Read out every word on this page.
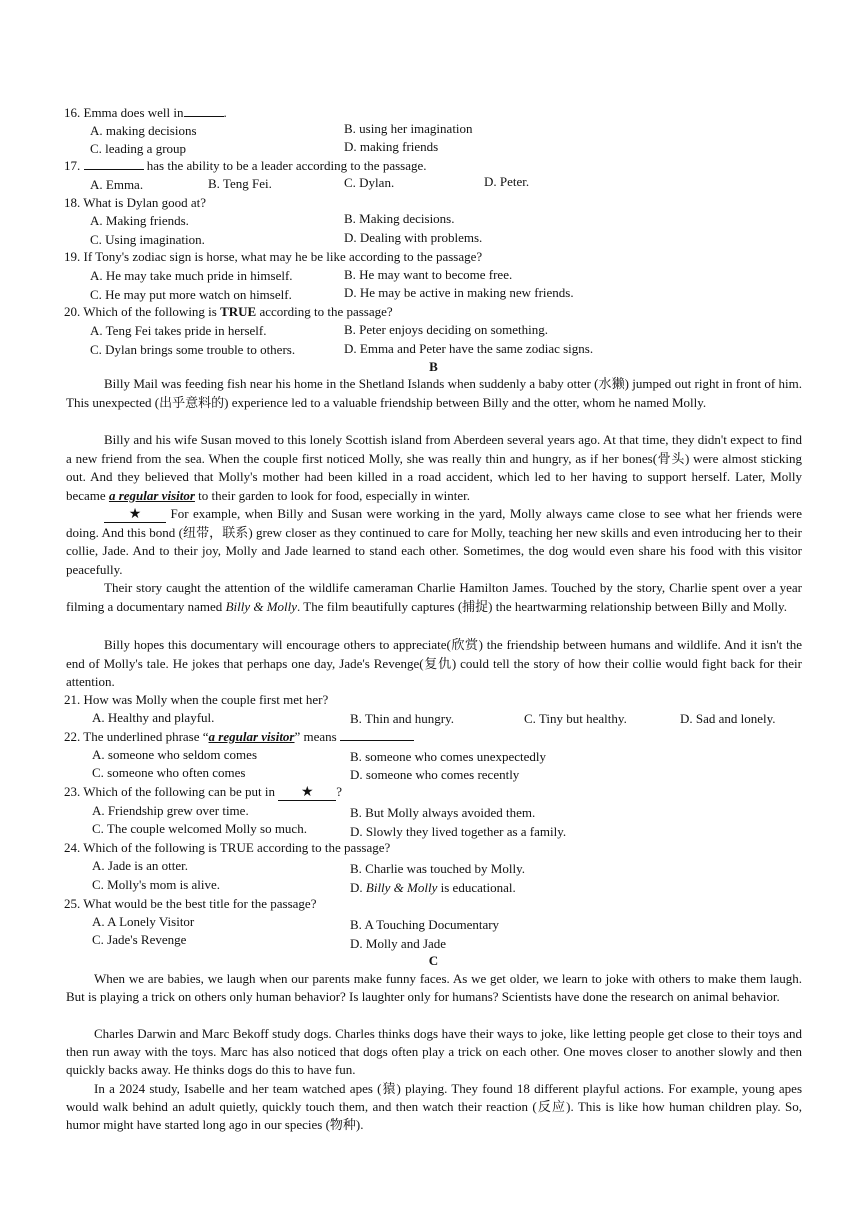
16. Emma does well in	.
A. making decisions	B. using her imagination
C. leading a group	D. making friends
17.	has the ability to be a leader according to the passage.
A. Emma.	B. Teng Fei.	C. Dylan.	D. Peter.
18. What is Dylan good at?
A. Making friends.	B. Making decisions.
C. Using imagination.	D. Dealing with problems.
19. If Tony's zodiac sign is horse, what may he be like according to the passage?
A. He may take much pride in himself.	B. He may want to become free.
C. He may put more watch on himself.	D. He may be active in making new friends.
20. Which of the following is TRUE according to the passage?
A. Teng Fei takes pride in herself.	B. Peter enjoys deciding on something.
C. Dylan brings some trouble to others.	D. Emma and Peter have the same zodiac signs.
B
Billy Mail was feeding fish near his home in the Shetland Islands when suddenly a baby otter (水獭) jumped out right in front of him. This unexpected (出乎意料的) experience led to a valuable friendship between Billy and the otter, whom he named Molly.
Billy and his wife Susan moved to this lonely Scottish island from Aberdeen several years ago. At that time, they didn't expect to find a new friend from the sea. When the couple first noticed Molly, she was really thin and hungry, as if her bones(骨头) were almost sticking out. And they believed that Molly's mother had been killed in a road accident, which led to her having to support herself. Later, Molly became a regular visitor to their garden to look for food, especially in winter.
★ For example, when Billy and Susan were working in the yard, Molly always came close to see what her friends were doing. And this bond (纽带，联系) grew closer as they continued to care for Molly, teaching her new skills and even introducing her to their collie, Jade. And to their joy, Molly and Jade learned to stand each other. Sometimes, the dog would even share his food with this visitor peacefully.
Their story caught the attention of the wildlife cameraman Charlie Hamilton James. Touched by the story, Charlie spent over a year filming a documentary named Billy & Molly. The film beautifully captures (捕捉) the heartwarming relationship between Billy and Molly.
Billy hopes this documentary will encourage others to appreciate(欣赏) the friendship between humans and wildlife. And it isn't the end of Molly's tale. He jokes that perhaps one day, Jade's Revenge(复仇) could tell the story of how their collie would fight back for their attention.
21. How was Molly when the couple first met her?
A. Healthy and playful.	B. Thin and hungry.	C. Tiny but healthy.	D. Sad and lonely.
22. The underlined phrase “a regular visitor” means
A. someone who seldom comes	B. someone who comes unexpectedly
C. someone who often comes	D. someone who comes recently
23. Which of the following can be put in ★ ?
A. Friendship grew over time.	B. But Molly always avoided them.
C. The couple welcomed Molly so much.	D. Slowly they lived together as a family.
24. Which of the following is TRUE according to the passage?
A. Jade is an otter.	B. Charlie was touched by Molly.
C. Molly's mom is alive.	D. Billy & Molly is educational.
25. What would be the best title for the passage?
A. A Lonely Visitor	B. A Touching Documentary
C. Jade's Revenge	D. Molly and Jade
C
When we are babies, we laugh when our parents make funny faces. As we get older, we learn to joke with others to make them laugh. But is playing a trick on others only human behavior? Is laughter only for humans? Scientists have done the research on animal behavior.
Charles Darwin and Marc Bekoff study dogs. Charles thinks dogs have their ways to joke, like letting people get close to their toys and then run away with the toys. Marc has also noticed that dogs often play a trick on each other. One moves closer to another slowly and then quickly backs away. He thinks dogs do this to have fun.
In a 2024 study, Isabelle and her team watched apes (猿) playing. They found 18 different playful actions. For example, young apes would walk behind an adult quietly, quickly touch them, and then watch their reaction (反应). This is like how human children play. So, humor might have started long ago in our species (物种).
